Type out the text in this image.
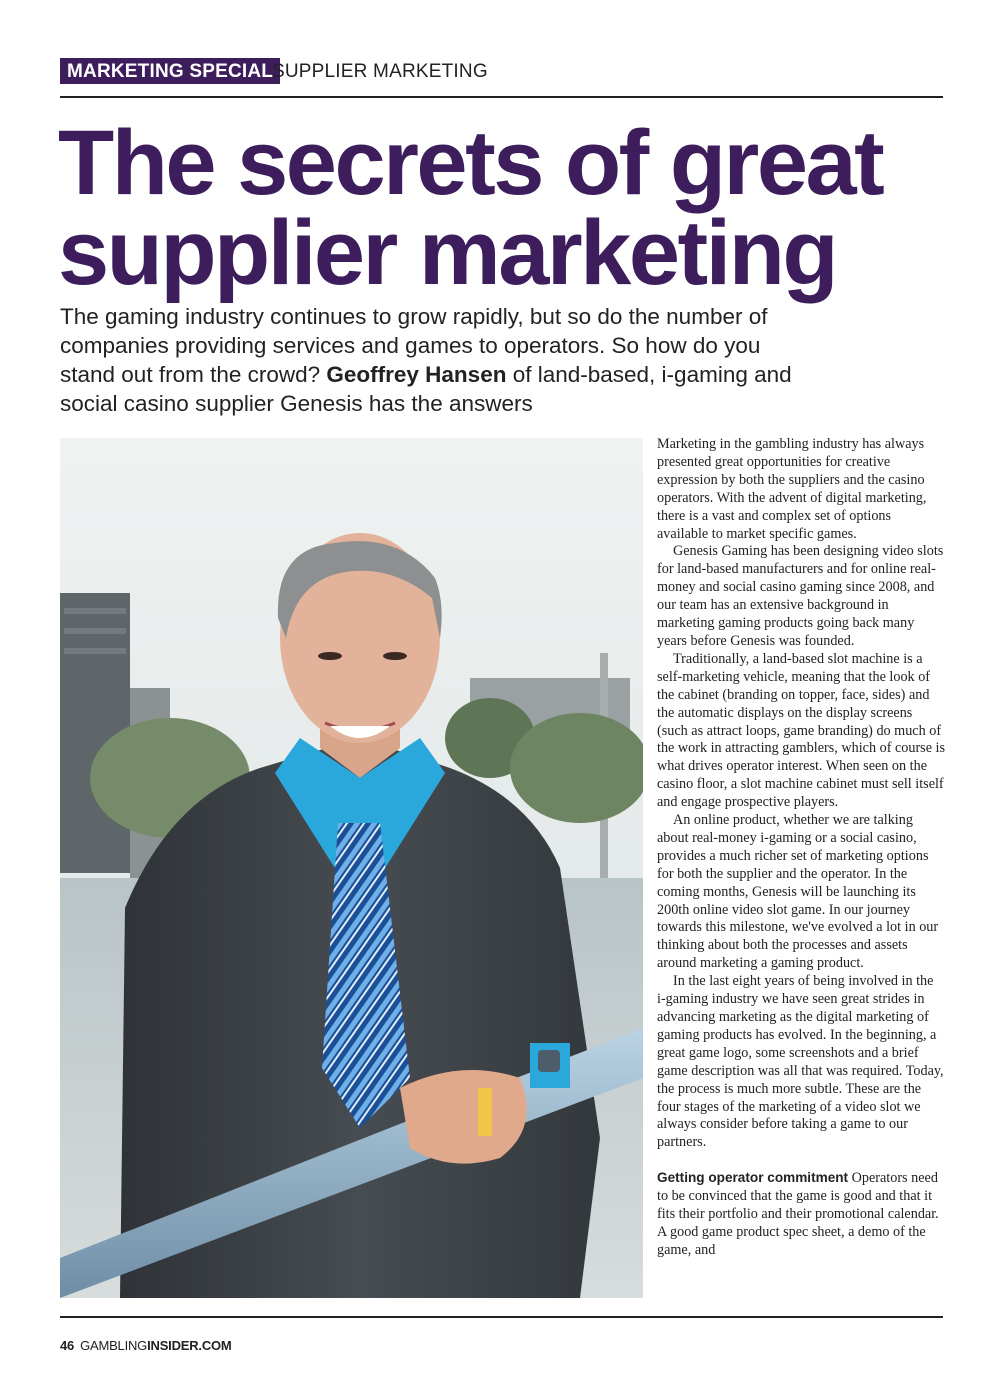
MARKETING SPECIAL
SUPPLIER MARKETING
The secrets of great
supplier marketing

The gaming industry continues to grow rapidly, but so do the number of companies providing services and games to operators. So how do you stand out from the crowd? Geoffrey Hansen of land-based, i-gaming and social casino supplier Genesis has the answers

Marketing in the gambling industry has always presented great opportunities for creative expression by both the suppliers and the casino operators. With the advent of digital marketing, there is a vast and complex set of options available to market specific games.

Genesis Gaming has been designing video slots for land-based manufacturers and for online real-money and social casino gaming since 2008, and our team has an extensive background in marketing gaming products going back many years before Genesis was founded.

Traditionally, a land-based slot machine is a self-marketing vehicle, meaning that the look of the cabinet (branding on topper, face, sides) and the automatic displays on the display screens (such as attract loops, game branding) do much of the work in attracting gamblers, which of course is what drives operator interest. When seen on the casino floor, a slot machine cabinet must sell itself and engage prospective players.

An online product, whether we are talking about real-money i-gaming or a social casino, provides a much richer set of marketing options for both the supplier and the operator. In the coming months, Genesis will be launching its 200th online video slot game. In our journey towards this milestone, we've evolved a lot in our thinking about both the processes and assets around marketing a gaming product.

In the last eight years of being involved in the i-gaming industry we have seen great strides in advancing marketing as the digital marketing of gaming products has evolved. In the beginning, a great game logo, some screenshots and a brief game description was all that was required. Today, the process is much more subtle. These are the four stages of the marketing of a video slot we always consider before taking a game to our partners.

Getting operator commitment Operators need to be convinced that the game is good and that it fits their portfolio and their promotional calendar. A good game product spec sheet, a demo of the game, and

46 GAMBLINGINSIDER.COM
